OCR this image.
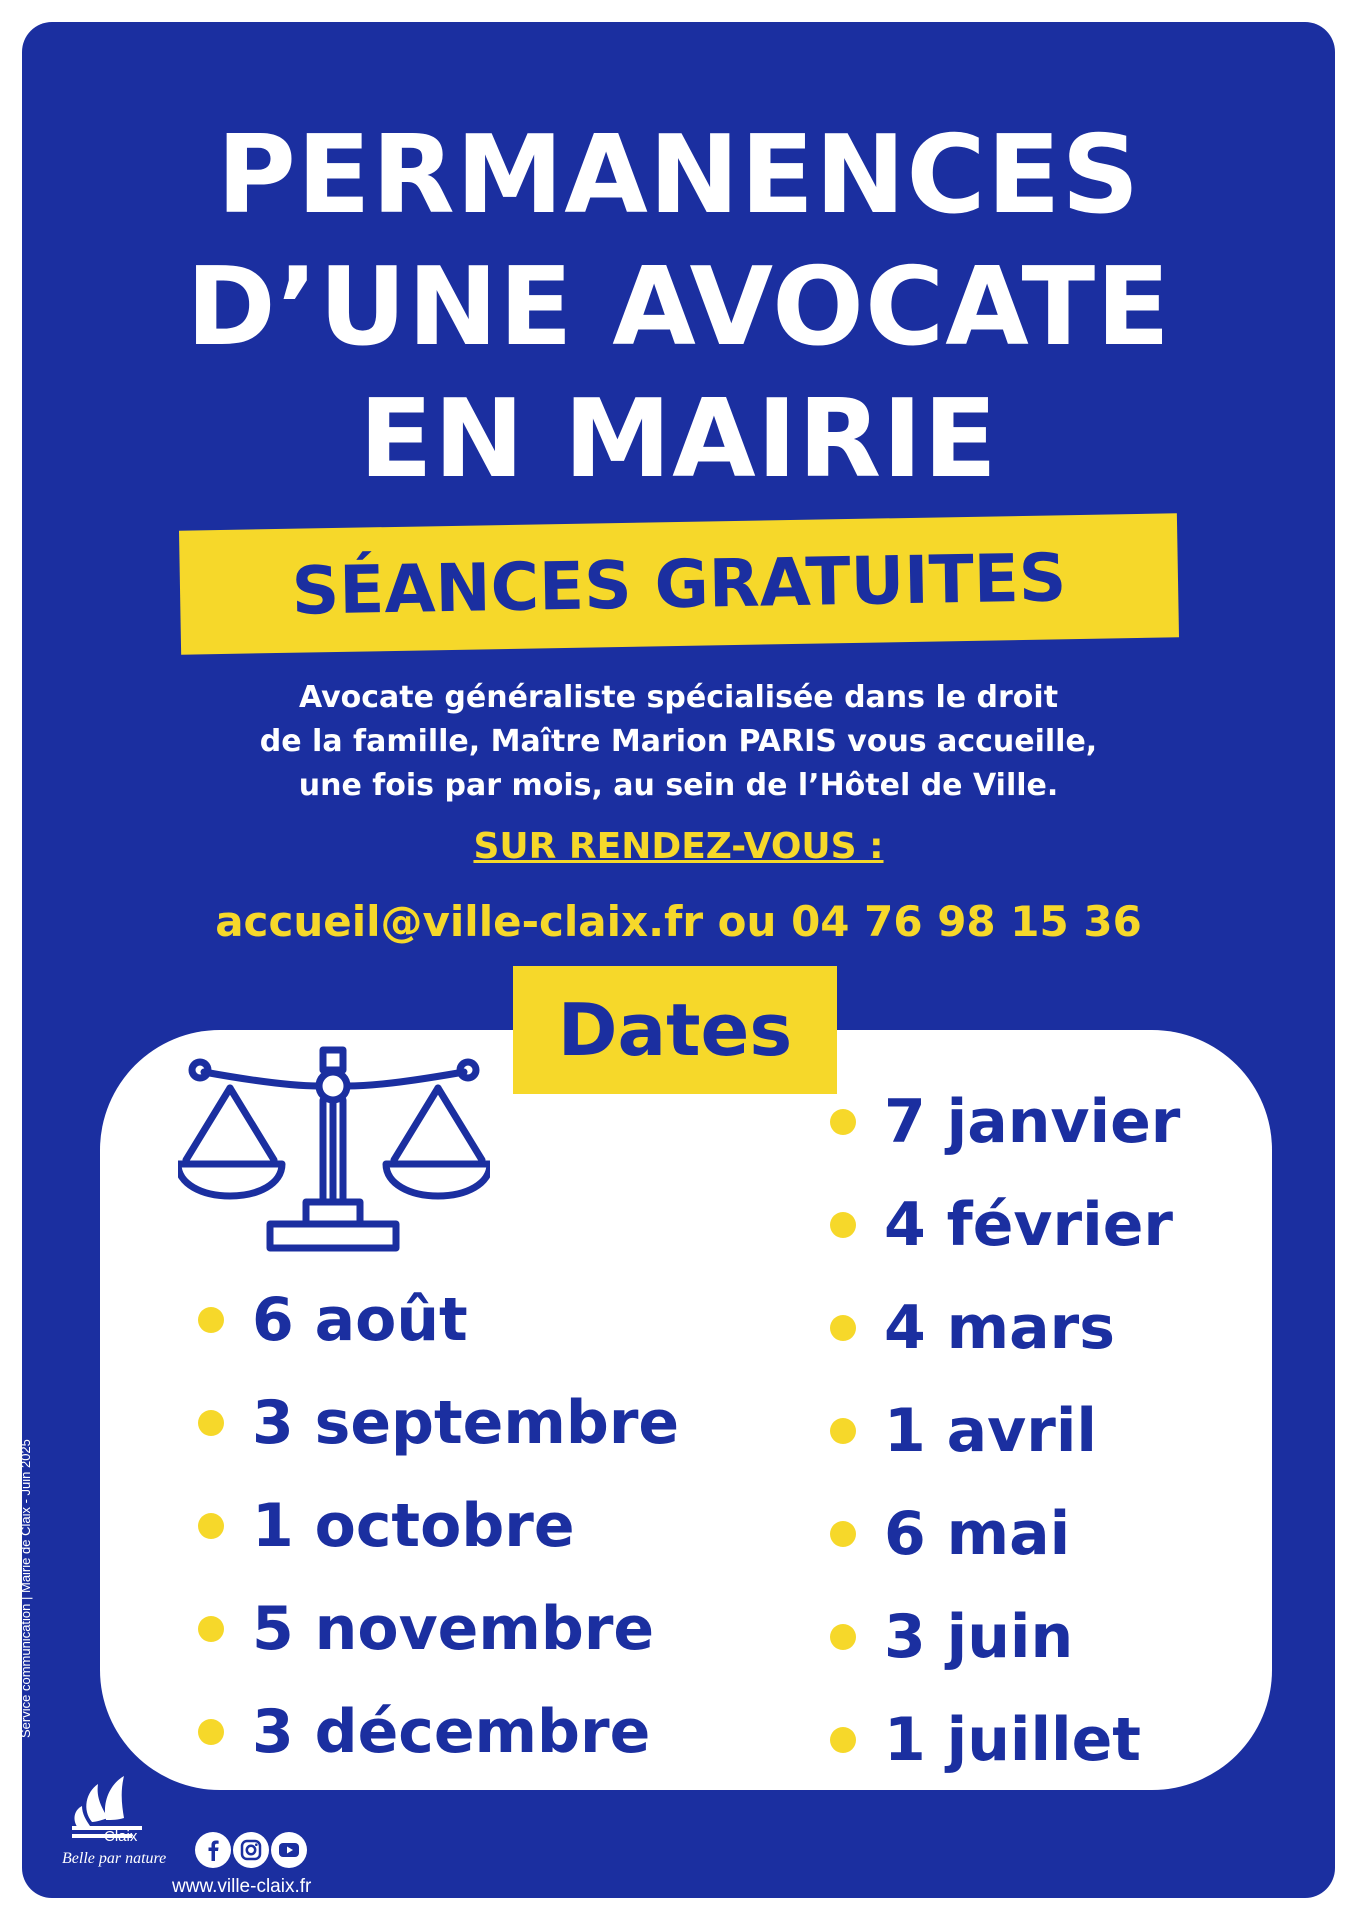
PERMANENCES
D’UNE AVOCATE
EN MAIRIE
SÉANCES GRATUITES
Avocate généraliste spécialisée dans le droit
de la famille, Maître Marion PARIS vous accueille,
une fois par mois, au sein de l’Hôtel de Ville.
SUR RENDEZ-VOUS :
accueil@ville-claix.fr ou 04 76 98 15 36
Dates
6 août
3 septembre
1 octobre
5 novembre
3 décembre
7 janvier
4 février
4 mars
1 avril
6 mai
3 juin
1 juillet
Service communication | Mairie de Claix - Juin 2025
Claix
Belle par nature
www.ville-claix.fr
